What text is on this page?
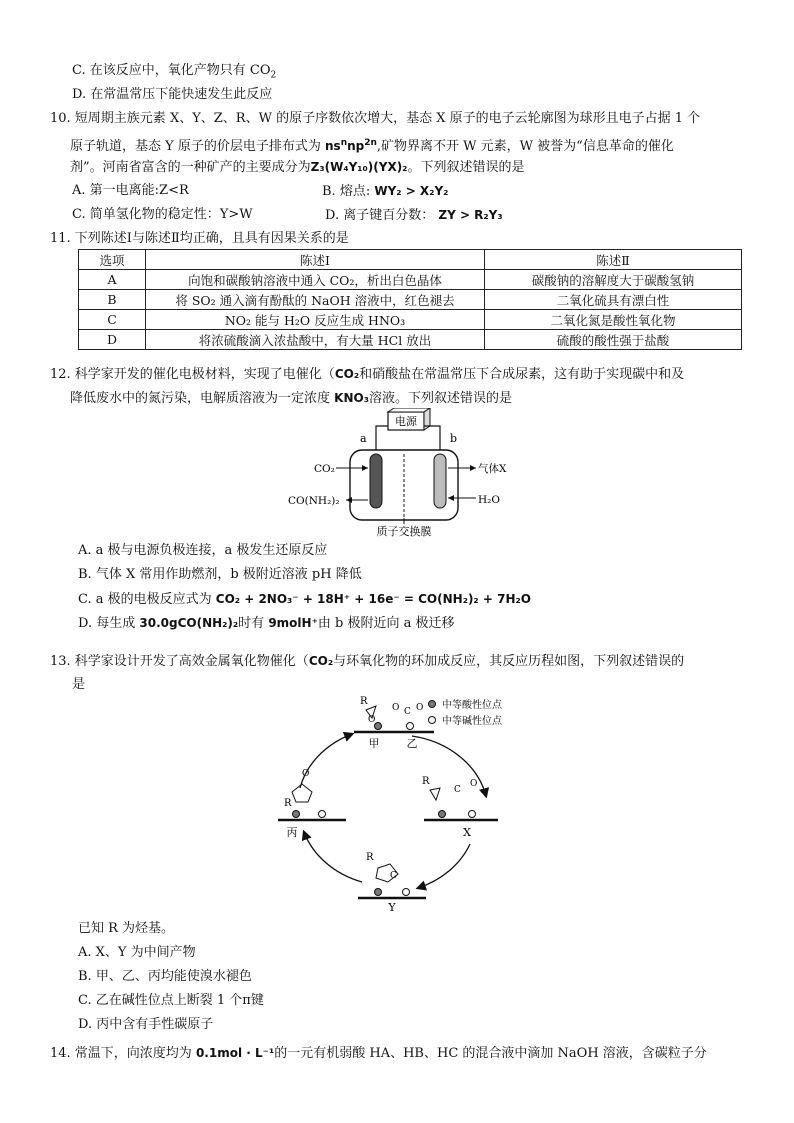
C. 在该反应中，氧化产物只有 $CO_2$
D. 在常温常压下能快速发生此反应
10. 短周期主族元素 X、Y、Z、R、W 的原子序数依次增大，基态 X 原子的电子云轮廓图为球形且电子占据 1 个
原子轨道，基态 Y 原子的价层电子排布式为 $ns^nnp^{2n}$,矿物界离不开 W 元素，W 被誉为“信息革命的催化
剂”。河南省富含的一种矿产的主要成分为Z₃(W₄Y₁₀)(YX)₂。下列叙述错误的是
A. 第一电离能:Z<R	B. 熔点: WY₂ > X₂Y₂
C. 简单氢化物的稳定性：Y>W	D. 离子键百分数： ZY > R₂Y₃
11. 下列陈述Ⅰ与陈述Ⅱ均正确，且具有因果关系的是
选项	陈述Ⅰ	陈述Ⅱ
A	向饱和碳酸钠溶液中通入 CO₂，析出白色晶体	碳酸钠的溶解度大于碳酸氢钠
B	将 SO₂ 通入滴有酚酞的 NaOH 溶液中，红色褪去	二氧化硫具有漂白性
C	NO₂ 能与 H₂O 反应生成 HNO₃	二氧化氮是酸性氧化物
D	将浓硫酸滴入浓盐酸中，有大量 HCl 放出	硫酸的酸性强于盐酸
12. 科学家开发的催化电极材料，实现了电催化（CO₂和硝酸盐在常温常压下合成尿素，这有助于实现碳中和及
降低废水中的氮污染，电解质溶液为一定浓度 KNO₃溶液。下列叙述错误的是
电源
a	b
CO₂
CO(NH₂)₂
气体X
H₂O
质子交换膜
A. a 极与电源负极连接，a 极发生还原反应
B. 气体 X 常用作助燃剂，b 极附近溶液 pH 降低
C. a 极的电极反应式为 CO₂ + 2NO₃⁻ + 18H⁺ + 16e⁻ = CO(NH₂)₂ + 7H₂O
D. 每生成 30.0gCO(NH₂)₂时有 9molH⁺由 b 极附近向 a 极迁移
13. 科学家设计开发了高效金属氧化物催化（CO₂与环氧化物的环加成反应，其反应历程如图，下列叙述错误的
是
R
O
O C O
甲 乙
中等酸性位点
中等碱性位点
R
C
O
X
R
C
Y
O
R
丙
已知 R 为烃基。
A. X、Y 为中间产物
B. 甲、乙、丙均能使溴水褪色
C. 乙在碱性位点上断裂 1 个π键
D. 丙中含有手性碳原子
14. 常温下，向浓度均为 0.1mol · L⁻¹的一元有机弱酸 HA、HB、HC 的混合液中滴加 NaOH 溶液，含碳粒子分
